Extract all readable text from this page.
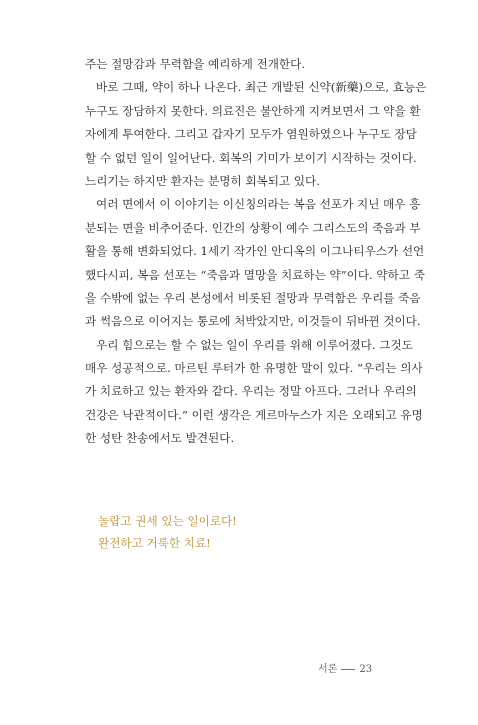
주는 절망감과 무력함을 예리하게 전개한다.
바로 그때, 약이 하나 나온다. 최근 개발된 신약(新藥)으로, 효능은
누구도 장담하지 못한다. 의료진은 불안하게 지켜보면서 그 약을 환
자에게 투여한다. 그리고 갑자기 모두가 염원하였으나 누구도 장담
할 수 없던 일이 일어난다. 회복의 기미가 보이기 시작하는 것이다.
느리기는 하지만 환자는 분명히 회복되고 있다.
여러 면에서 이 이야기는 이신칭의라는 복음 선포가 지닌 매우 흥
분되는 면을 비추어준다. 인간의 상황이 예수 그리스도의 죽음과 부
활을 통해 변화되었다. 1세기 작가인 안디옥의 이그나티우스가 선언
했다시피, 복음 선포는 “죽음과 멸망을 치료하는 약”이다. 약하고 죽
을 수밖에 없는 우리 본성에서 비롯된 절망과 무력함은 우리를 죽음
과 썩음으로 이어지는 통로에 처박았지만, 이것들이 뒤바뀐 것이다.
우리 힘으로는 할 수 없는 일이 우리를 위해 이루어졌다. 그것도
매우 성공적으로. 마르틴 루터가 한 유명한 말이 있다. “우리는 의사
가 치료하고 있는 환자와 같다. 우리는 정말 아프다. 그러나 우리의
건강은 낙관적이다.” 이런 생각은 게르마누스가 지은 오래되고 유명
한 성탄 찬송에서도 발견된다.
놀랍고 권세 있는 일이로다!
완전하고 거룩한 치료!
서론 23
